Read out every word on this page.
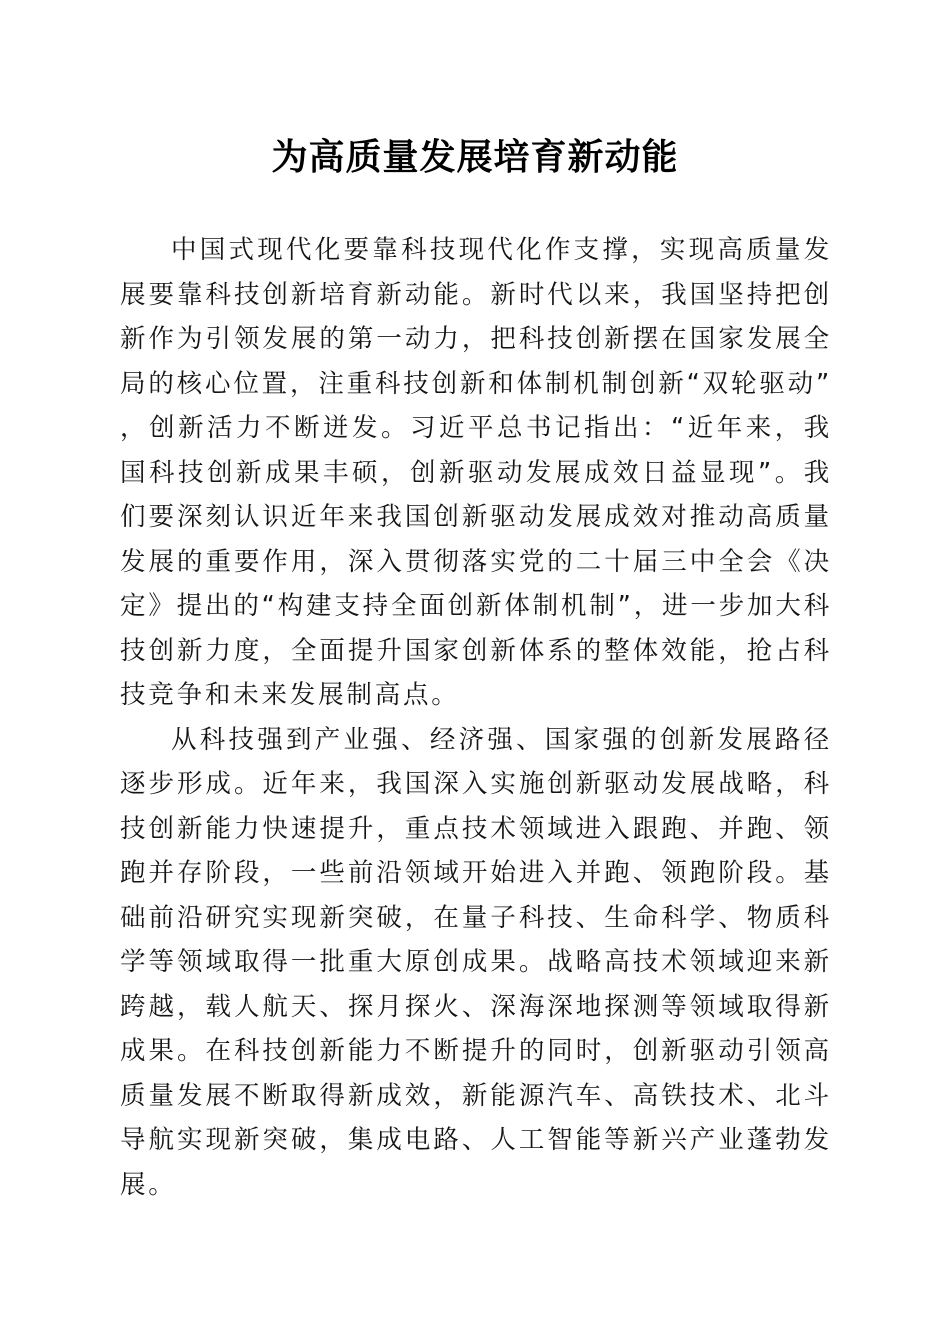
为高质量发展培育新动能

中国式现代化要靠科技现代化作支撑，实现高质量发展要靠科技创新培育新动能。新时代以来，我国坚持把创新作为引领发展的第一动力，把科技创新摆在国家发展全局的核心位置，注重科技创新和体制机制创新“双轮驱动”，创新活力不断迸发。习近平总书记指出：“近年来，我国科技创新成果丰硕，创新驱动发展成效日益显现”。我们要深刻认识近年来我国创新驱动发展成效对推动高质量发展的重要作用，深入贯彻落实党的二十届三中全会《决定》提出的“构建支持全面创新体制机制”，进一步加大科技创新力度，全面提升国家创新体系的整体效能，抢占科技竞争和未来发展制高点。

从科技强到产业强、经济强、国家强的创新发展路径逐步形成。近年来，我国深入实施创新驱动发展战略，科技创新能力快速提升，重点技术领域进入跟跑、并跑、领跑并存阶段，一些前沿领域开始进入并跑、领跑阶段。基础前沿研究实现新突破，在量子科技、生命科学、物质科学等领域取得一批重大原创成果。战略高技术领域迎来新跨越，载人航天、探月探火、深海深地探测等领域取得新成果。在科技创新能力不断提升的同时，创新驱动引领高质量发展不断取得新成效，新能源汽车、高铁技术、北斗导航实现新突破，集成电路、人工智能等新兴产业蓬勃发展。
